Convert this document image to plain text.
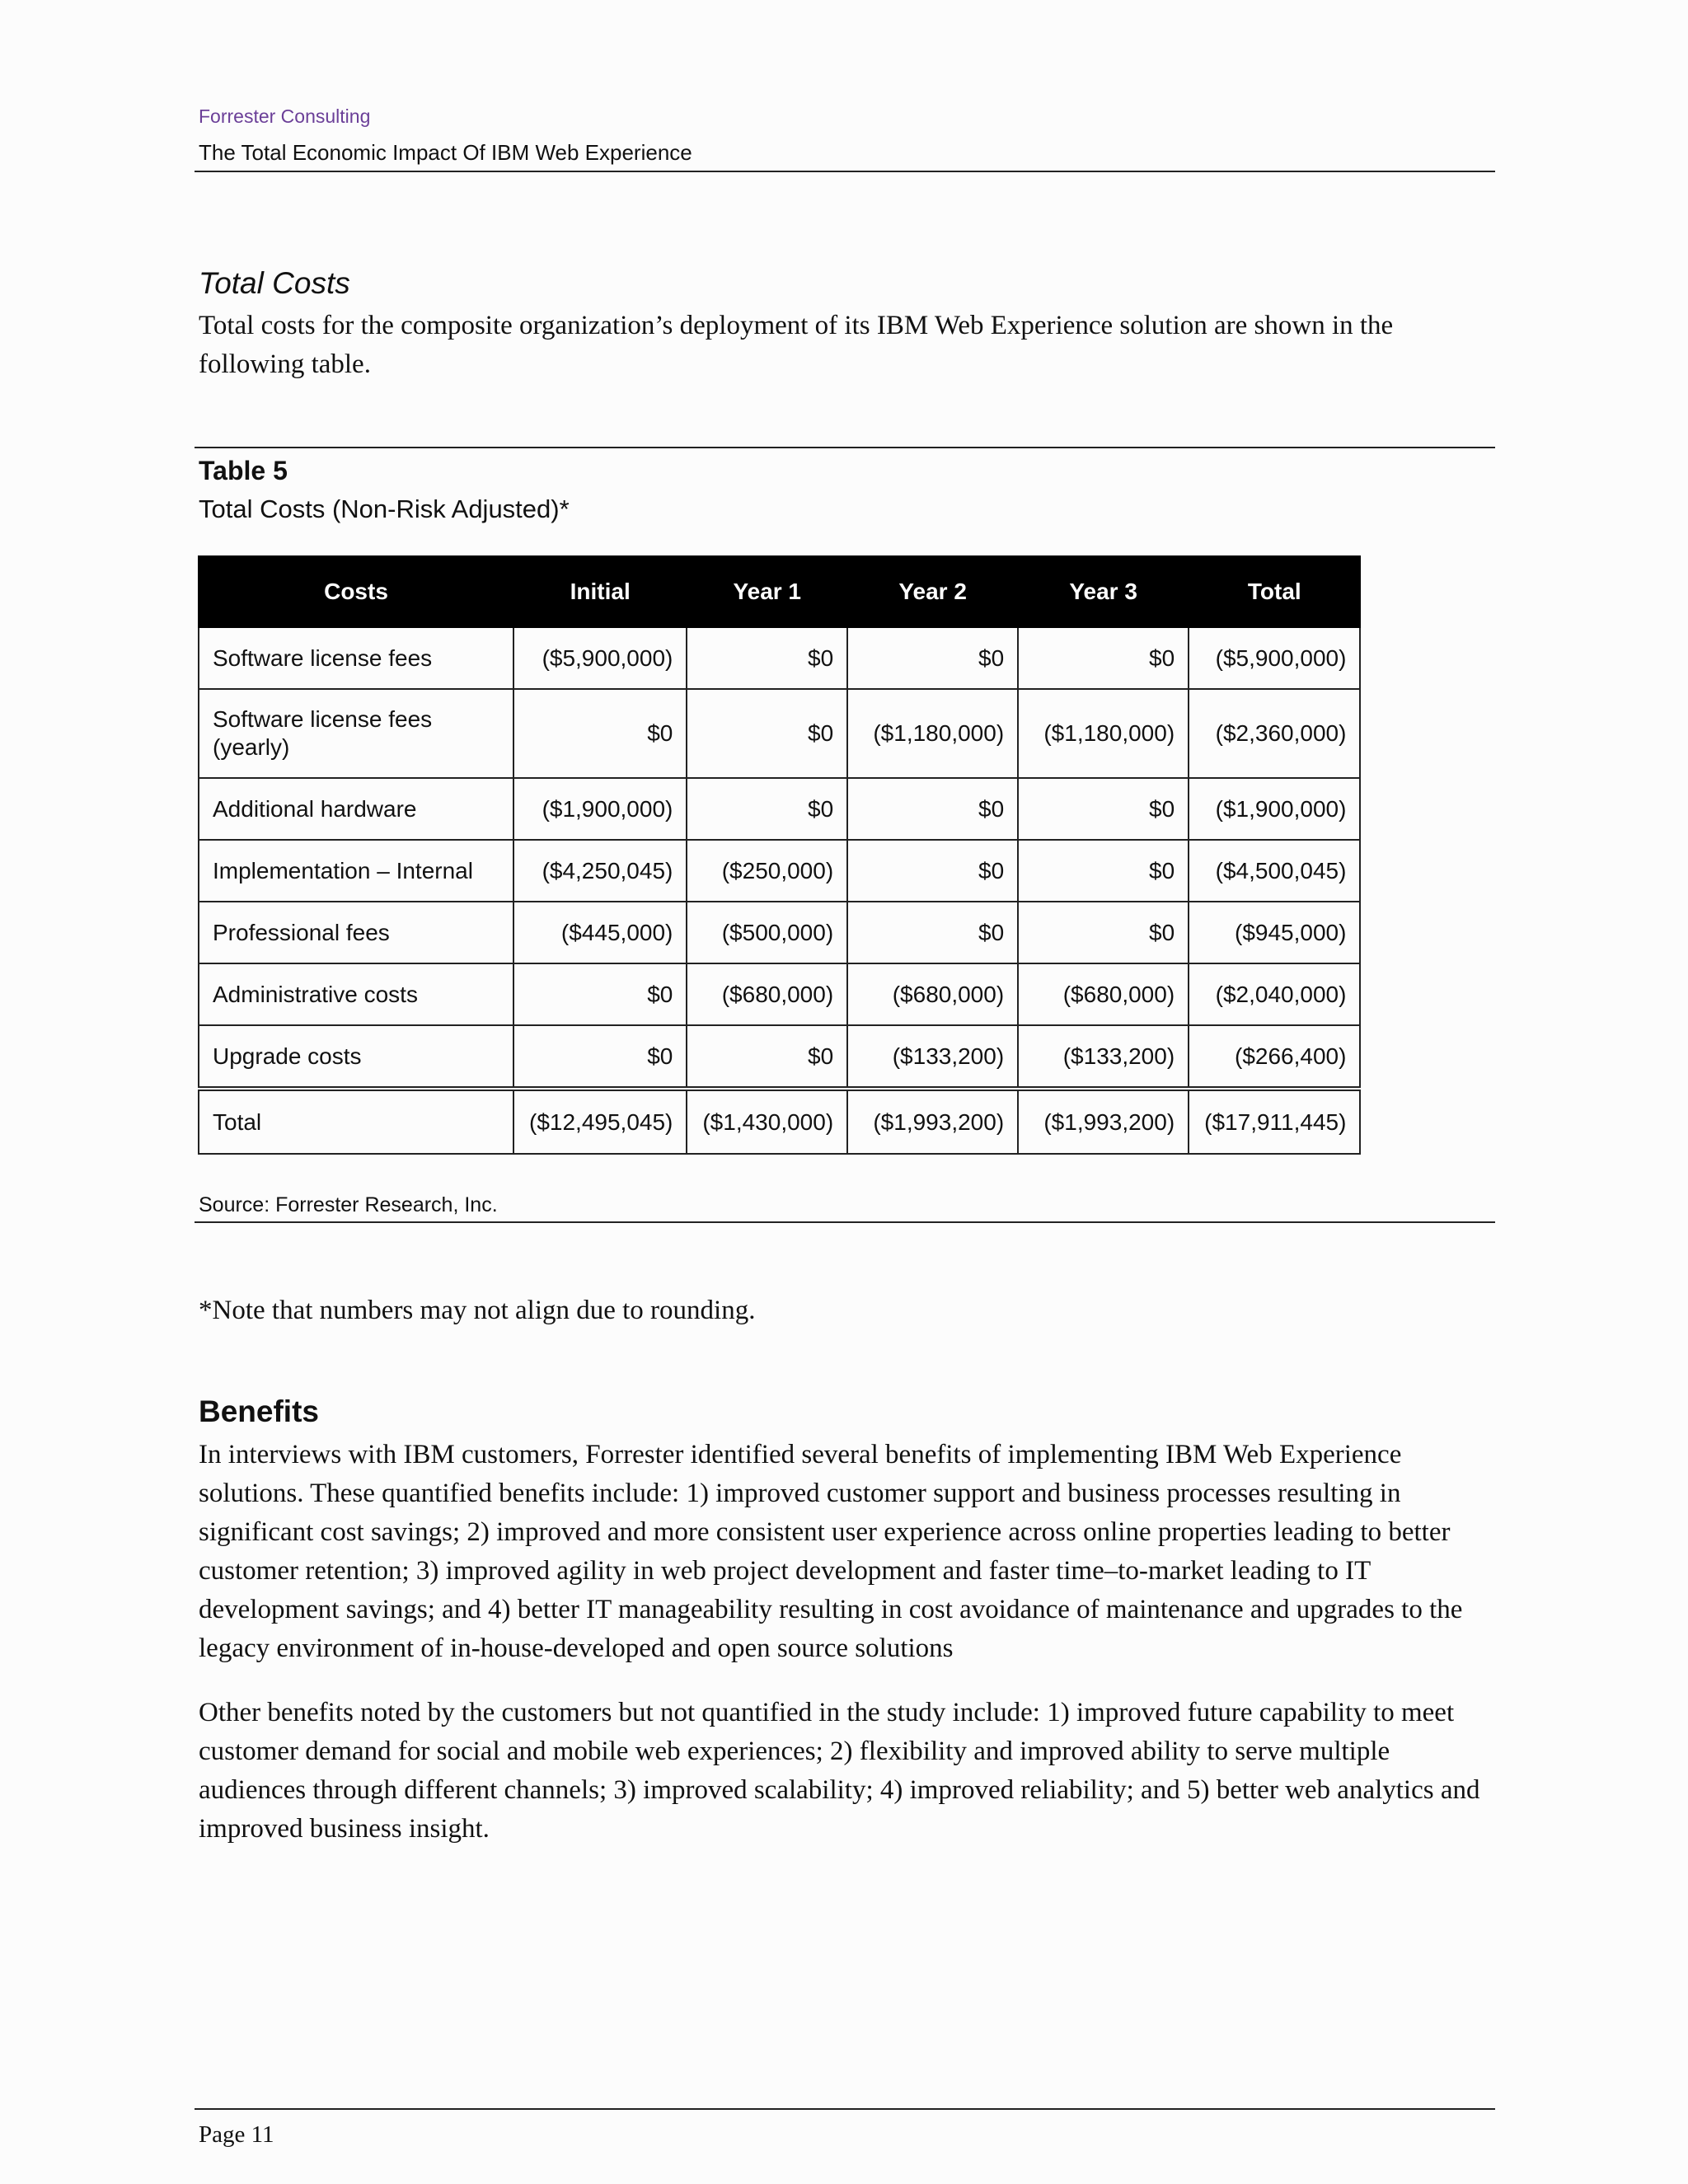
Forrester Consulting
The Total Economic Impact Of IBM Web Experience
Total Costs
Total costs for the composite organization’s deployment of its IBM Web Experience solution are shown in the following table.
Table 5
Total Costs (Non-Risk Adjusted)*
Costs	Initial	Year 1	Year 2	Year 3	Total
Software license fees	($5,900,000)	$0	$0	$0	($5,900,000)
Software license fees (yearly)	$0	$0	($1,180,000)	($1,180,000)	($2,360,000)
Additional hardware	($1,900,000)	$0	$0	$0	($1,900,000)
Implementation – Internal	($4,250,045)	($250,000)	$0	$0	($4,500,045)
Professional fees	($445,000)	($500,000)	$0	$0	($945,000)
Administrative costs	$0	($680,000)	($680,000)	($680,000)	($2,040,000)
Upgrade costs	$0	$0	($133,200)	($133,200)	($266,400)
Total	($12,495,045)	($1,430,000)	($1,993,200)	($1,993,200)	($17,911,445)
Source: Forrester Research, Inc.
*Note that numbers may not align due to rounding.
Benefits
In interviews with IBM customers, Forrester identified several benefits of implementing IBM Web Experience solutions. These quantified benefits include: 1) improved customer support and business processes resulting in significant cost savings; 2) improved and more consistent user experience across online properties leading to better customer retention; 3) improved agility in web project development and faster time–to-market leading to IT development savings; and 4) better IT manageability resulting in cost avoidance of maintenance and upgrades to the legacy environment of in-house-developed and open source solutions
Other benefits noted by the customers but not quantified in the study include: 1) improved future capability to meet customer demand for social and mobile web experiences; 2) flexibility and improved ability to serve multiple audiences through different channels; 3) improved scalability; 4) improved reliability; and 5) better web analytics and improved business insight.
Page 11
